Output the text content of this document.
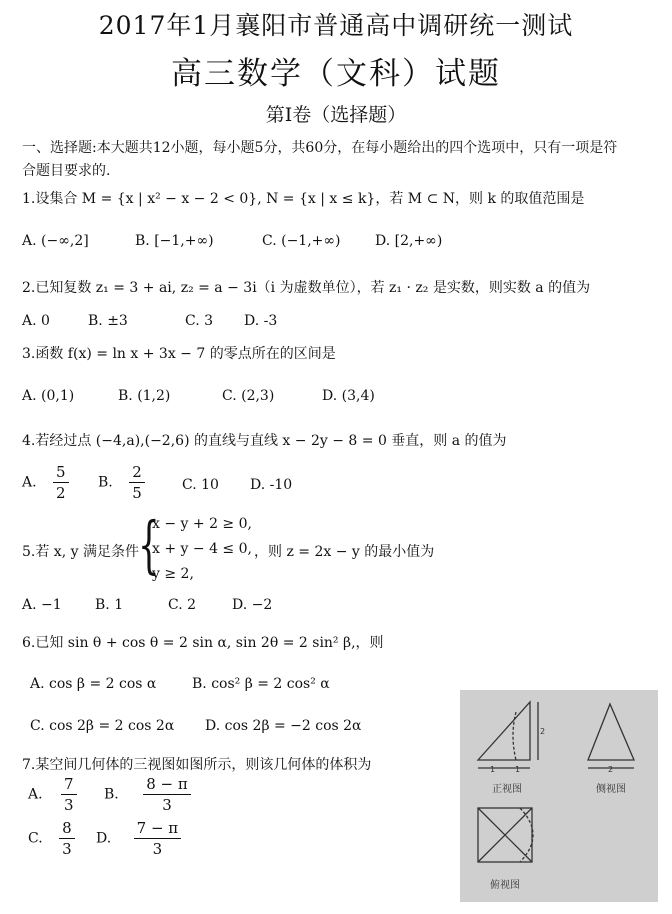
2017年1月襄阳市普通高中调研统一测试
高三数学（文科）试题
第Ⅰ卷（选择题）
一、选择题:本大题共12小题，每小题5分，共60分，在每小题给出的四个选项中，只有一项是符
合题目要求的.
1.设集合 M = {x | x² − x − 2 < 0}, N = {x | x ≤ k}，若 M ⊂ N，则 k 的取值范围是
A. (−∞,2]	B. [−1,+∞)	C. (−1,+∞) D. [2,+∞)
2.已知复数 z₁ = 3 + ai, z₂ = a − 3i（i 为虚数单位），若 z₁ · z₂ 是实数，则实数 a 的值为
A. 0	B. ±3	C. 3 D. -3
3.函数 f(x) = ln x + 3x − 7 的零点所在的区间是
A. (0,1)	B. (1,2)	C. (2,3)	D. (3,4)
4.若经过点 (−4,a),(−2,6) 的直线与直线 x − 2y − 8 = 0 垂直，则 a 的值为
A. $\frac{5}{2} B$. $\frac{2}{5}$	C. 10 D. -10
5.若 x, y 满足条件 {
x − y + 2 ≥ 0,
x + y − 4 ≤ 0,
y ≥ 2,
，则 z = 2x − y 的最小值为
A. −1 B. 1	C. 2	D. −2
6.已知 sin θ + cos θ = 2 sin α, sin 2θ = 2 sin² β,，则
A. cos β = 2 cos α	B. cos² β = 2 cos² α
C. cos 2β = 2 cos 2α D. cos 2β = −2 cos 2α
7.某空间几何体的三视图如图所示，则该几何体的体积为
A. $\frac{7}{3} B$. $\frac{8 - \pi}{3}$
C. $\frac{8}{3} D$. $\frac{7 - \pi}{3}$
2
1 1
正视图
2
侧视图
俯视图
